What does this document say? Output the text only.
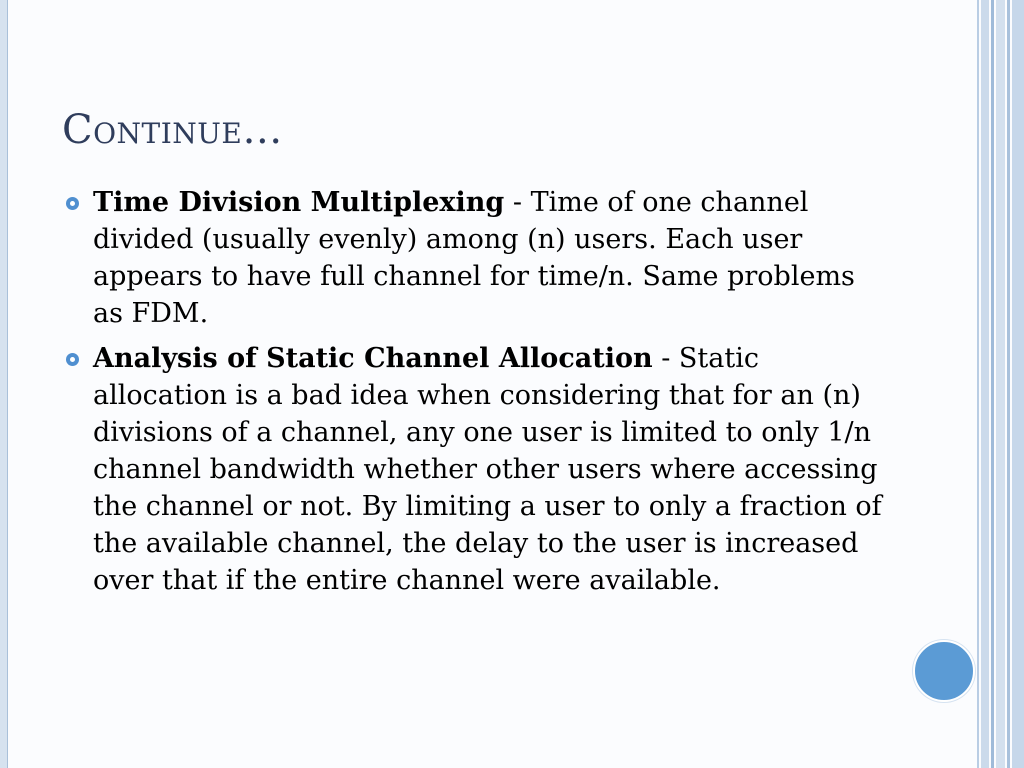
Continue…
Time Division Multiplexing - Time of one channel divided (usually evenly) among (n) users. Each user appears to have full channel for time/n. Same problems as FDM.
Analysis of Static Channel Allocation - Static allocation is a bad idea when considering that for an (n) divisions of a channel, any one user is limited to only 1/n channel bandwidth whether other users where accessing the channel or not. By limiting a user to only a fraction of the available channel, the delay to the user is increased over that if the entire channel were available.
